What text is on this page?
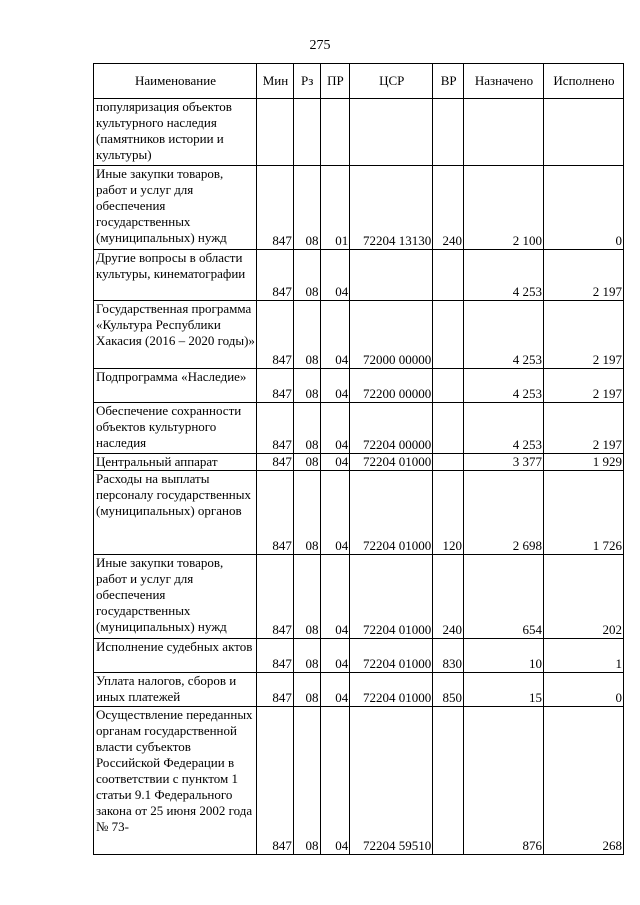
275
Наименование	Мин	Рз	ПР	ЦСР	ВР	Назначено	Исполнено
популяризация объектов культурного наследия (памятников истории и культуры)							
Иные закупки товаров, работ и услуг для обеспечения государственных (муниципальных) нужд	847	08	01	72204 13130	240	2 100	0
Другие вопросы в области культуры, кинематографии	847	08	04			4 253	2 197
Государственная программа «Культура Республики Хакасия (2016 – 2020 годы)»	847	08	04	72000 00000		4 253	2 197
Подпрограмма «Наследие»	847	08	04	72200 00000		4 253	2 197
Обеспечение сохранности объектов культурного наследия	847	08	04	72204 00000		4 253	2 197
Центральный аппарат	847	08	04	72204 01000		3 377	1 929
Расходы на выплаты персоналу государственных (муниципальных) органов	847	08	04	72204 01000	120	2 698	1 726
Иные закупки товаров, работ и услуг для обеспечения государственных (муниципальных) нужд	847	08	04	72204 01000	240	654	202
Исполнение судебных актов	847	08	04	72204 01000	830	10	1
Уплата налогов, сборов и иных платежей	847	08	04	72204 01000	850	15	0
Осуществление переданных органам государственной власти субъектов Российской Федерации в соответствии с пунктом 1 статьи 9.1 Федерального закона от 25 июня 2002 года № 73-	847	08	04	72204 59510		876	268
